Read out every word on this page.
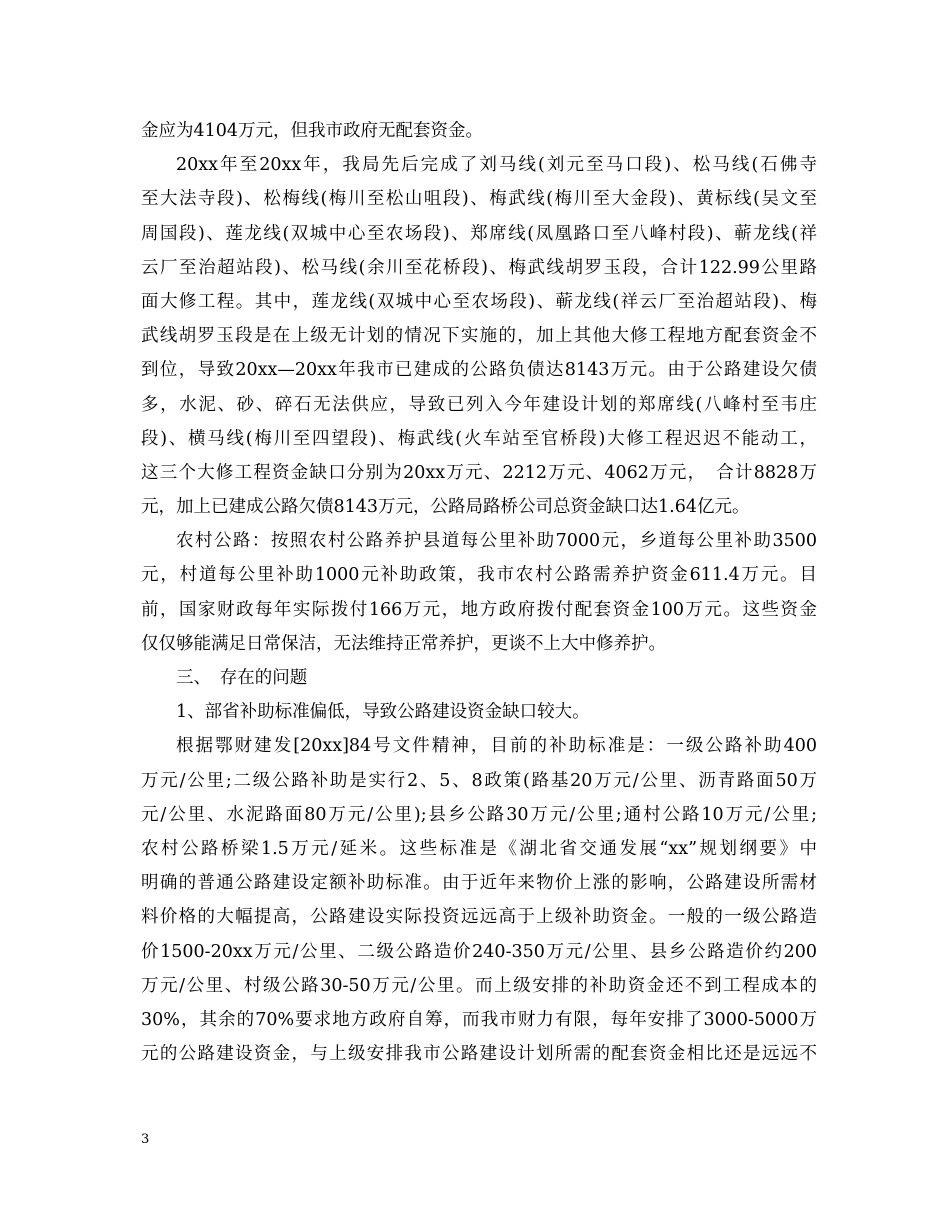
金应为4104万元，但我市政府无配套资金。
20xx年至20xx年，我局先后完成了刘马线(刘元至马口段)、松马线(石佛寺
至大法寺段)、松梅线(梅川至松山咀段)、梅武线(梅川至大金段)、黄标线(吴文至
周国段)、莲龙线(双城中心至农场段)、郑席线(凤凰路口至八峰村段)、蕲龙线(祥
云厂至治超站段)、松马线(余川至花桥段)、梅武线胡罗玉段，合计122.99公里路
面大修工程。其中，莲龙线(双城中心至农场段)、蕲龙线(祥云厂至治超站段)、梅
武线胡罗玉段是在上级无计划的情况下实施的，加上其他大修工程地方配套资金不
到位，导致20xx—20xx年我市已建成的公路负债达8143万元。由于公路建设欠债
多，水泥、砂、碎石无法供应，导致已列入今年建设计划的郑席线(八峰村至韦庄
段)、横马线(梅川至四望段)、梅武线(火车站至官桥段)大修工程迟迟不能动工，
这三个大修工程资金缺口分别为20xx万元、2212万元、4062万元，　合计8828万
元，加上已建成公路欠债8143万元，公路局路桥公司总资金缺口达1.64亿元。
农村公路：按照农村公路养护县道每公里补助7000元，乡道每公里补助3500
元，村道每公里补助1000元补助政策，我市农村公路需养护资金611.4万元。目
前，国家财政每年实际拨付166万元，地方政府拨付配套资金100万元。这些资金
仅仅够能满足日常保洁，无法维持正常养护，更谈不上大中修养护。
三、　存在的问题
1、部省补助标准偏低，导致公路建设资金缺口较大。
根据鄂财建发[20xx]84号文件精神，目前的补助标准是：一级公路补助400
万元/公里;二级公路补助是实行2、5、8政策(路基20万元/公里、沥青路面50万
元/公里、水泥路面80万元/公里);县乡公路30万元/公里;通村公路10万元/公里;
农村公路桥梁1.5万元/延米。这些标准是《湖北省交通发展“xx”规划纲要》中
明确的普通公路建设定额补助标准。由于近年来物价上涨的影响，公路建设所需材
料价格的大幅提高，公路建设实际投资远远高于上级补助资金。一般的一级公路造
价1500-20xx万元/公里、二级公路造价240-350万元/公里、县乡公路造价约200
万元/公里、村级公路30-50万元/公里。而上级安排的补助资金还不到工程成本的
30%，其余的70%要求地方政府自筹，而我市财力有限，每年安排了3000-5000万
元的公路建设资金，与上级安排我市公路建设计划所需的配套资金相比还是远远不
3
